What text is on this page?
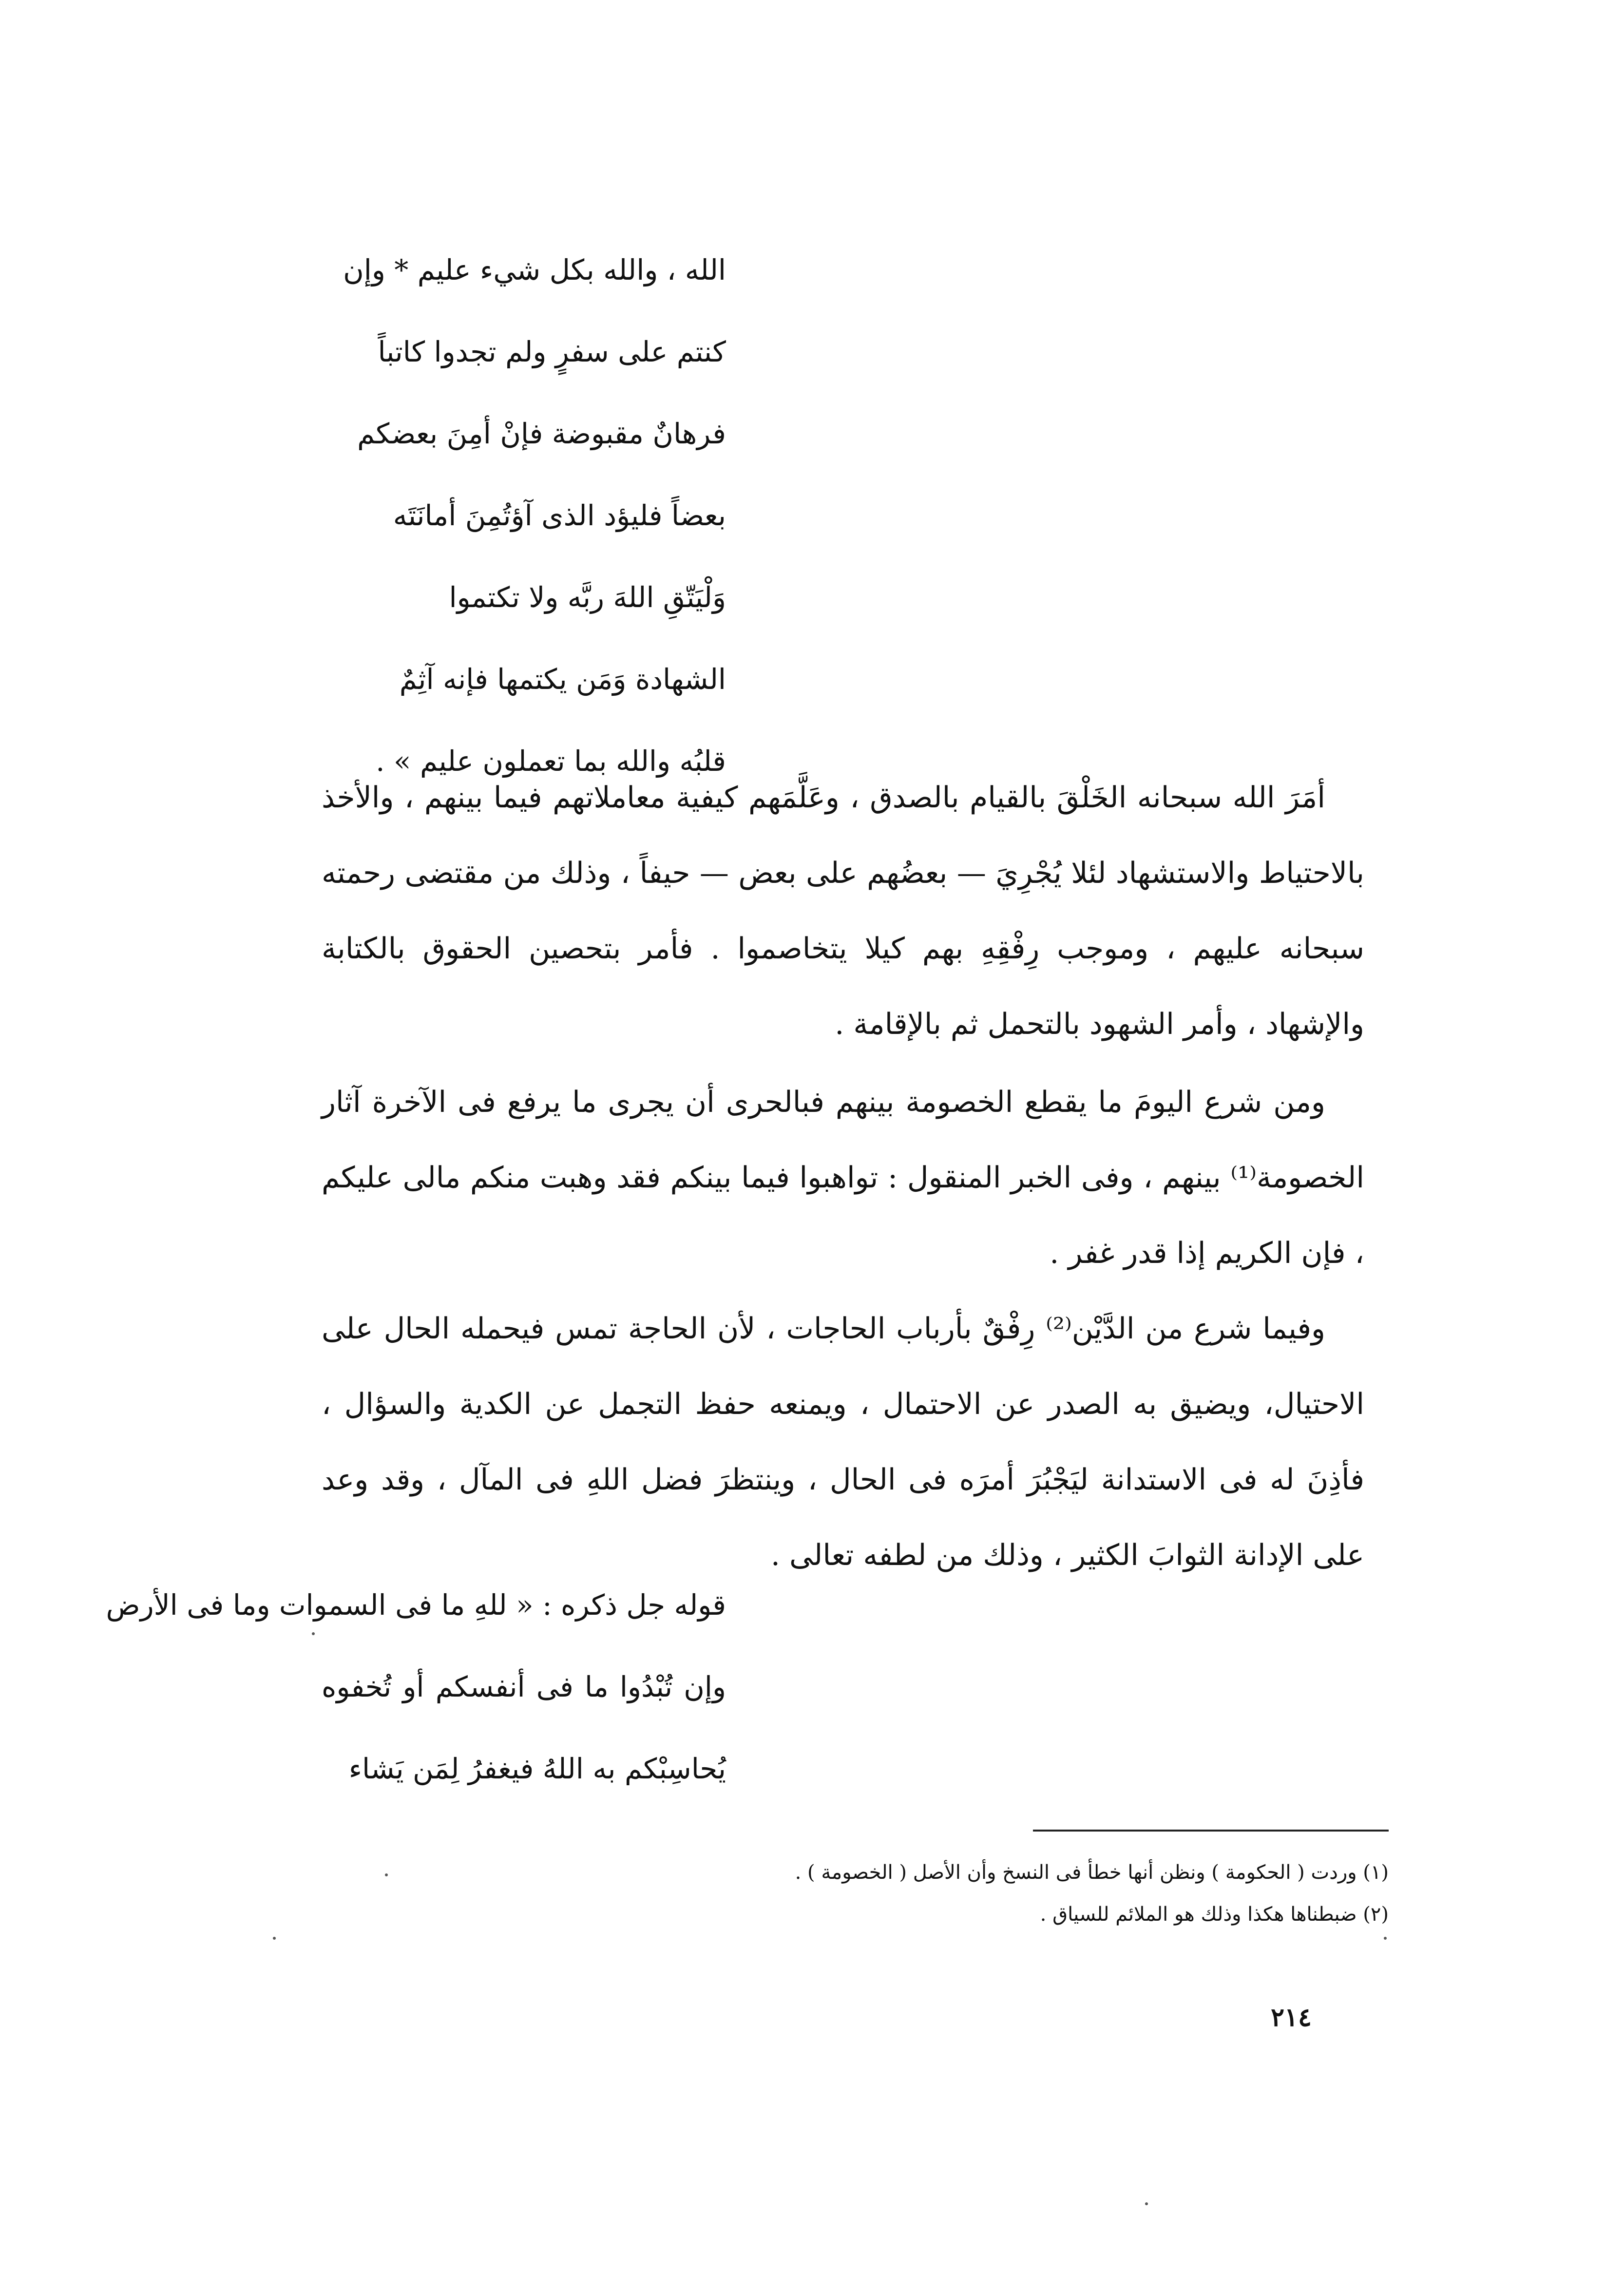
الله ، والله بكل شيء عليم * وإن
كنتم على سفرٍ ولم تجدوا كاتباً
فرهانٌ مقبوضة فإنْ أمِنَ بعضكم
بعضاً فليؤد الذى آؤتُمِنَ أمانَتَه
وَلْيَتّقِ اللهَ ربَّه ولا تكتموا
الشهادة وَمَن يكتمها فإنه آثِمٌ
قلبُه والله بما تعملون عليم » .

أمَرَ الله سبحانه الخَلْقَ بالقيام بالصدق ، وعَلَّمَهم كيفية معاملاتهم فيما بينهم ، والأخذ بالاحتياط والاستشهاد لئلا يُجْرِيَ — بعضُهم على بعض — حيفاً ، وذلك من مقتضى رحمته سبحانه عليهم ، وموجب رِفْقِهِ بهم كيلا يتخاصموا . فأمر بتحصين الحقوق بالكتابة والإشهاد ، وأمر الشهود بالتحمل ثم بالإقامة .

ومن شرع اليومَ ما يقطع الخصومة بينهم فبالحرى أن يجرى ما يرفع فى الآخرة آثار الخصومة⁽¹⁾ بينهم ، وفى الخبر المنقول : تواهبوا فيما بينكم فقد وهبت منكم مالى عليكم ، فإن الكريم إذا قدر غفر .

وفيما شرع من الدَّيْن⁽²⁾ رِفْقٌ بأرباب الحاجات ، لأن الحاجة تمس فيحمله الحال على الاحتيال، ويضيق به الصدر عن الاحتمال ، ويمنعه حفظ التجمل عن الكدية والسؤال ، فأذِنَ له فى الاستدانة ليَجْبُرَ أمرَه فى الحال ، وينتظرَ فضل اللهِ فى المآل ، وقد وعد على الإدانة الثوابَ الكثير ، وذلك من لطفه تعالى .

قوله جل ذكره : « للهِ ما فى السموات وما فى الأرض
وإن تُبْدُوا ما فى أنفسكم أو تُخفوه
يُحاسِبْكم به اللهُ فيغفرُ لِمَن يَشاء
(١) وردت ( الحكومة ) ونظن أنها خطأ فى النسخ وأن الأصل ( الخصومة ) .
(٢) ضبطناها هكذا وذلك هو الملائم للسياق .
٢١٤
